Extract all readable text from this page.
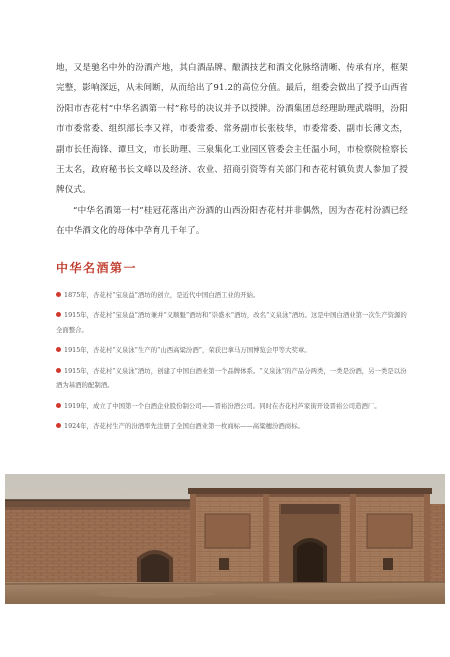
地，又是驰名中外的汾酒产地，其白酒品牌、酿酒技艺和酒文化脉络清晰、传承有序，框架完整，影响深远，从未间断，从而给出了91.2的高位分值。最后，组委会做出了授予山西省汾阳市杏花村“中华名酒第一村”称号的决议并予以授牌。汾酒集团总经理助理武瑞明，汾阳市市委常委、组织部长李又祥，市委常委、常务副市长张枝华，市委常委、副市长薄文杰，副市长任海锋、谭旦文，市长助理、三泉集化工业园区管委会主任温小珂，市检察院检察长王太名，政府秘书长文峰以及经济、农业、招商引资等有关部门和杏花村镇负责人参加了授牌仪式。

“中华名酒第一村”桂冠花落出产汾酒的山西汾阳杏花村并非偶然，因为杏花村汾酒已经在中华酒文化的母体中孕育几千年了。

中华名酒第一
1875年，杏花村“宝泉益”酒坊的创立，是近代中国白酒工业的开始。
1915年，杏花村“宝泉益”酒坊兼并“义顺魁”酒坊和“崇盛永”酒坊，改名“义泉泳”酒坊。这是中国白酒业第一次生产资源的全面整合。
1915年，杏花村“义泉泳”生产的“山西高粱汾酒”，荣获巴拿马万国博览会甲等大奖章。
1915年，杏花村“义泉泳”酒坊，创建了中国白酒业第一个品牌体系。“义泉泳”的产品分两类，一类是汾酒，另一类是以汾酒为基酒的配制酒。
1919年，成立了中国第一个白酒企业股份制公司——晋裕汾酒公司。同时在杏花村芦家街开设晋裕公司造酒厂。
1924年，杏花村生产的汾酒率先注册了全国白酒业第一枚商标——高粱穗汾酒商标。
